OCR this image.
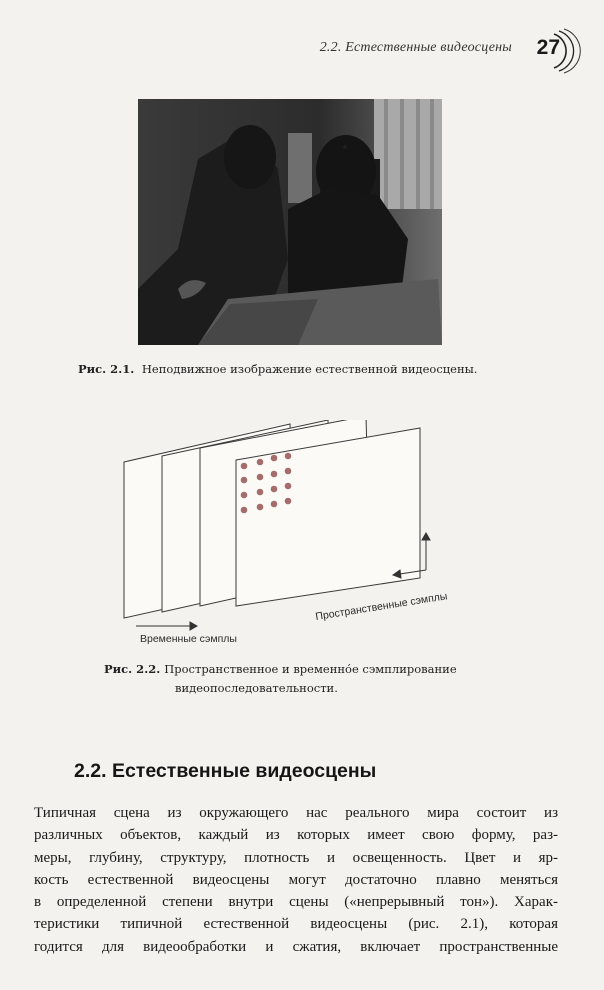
2.2. Естественные видеосцены 27
Рис. 2.1. Неподвижное изображение естественной видеосцены.
Временные сэмплы
Пространственные сэмплы
Рис. 2.2. Пространственное и временно́е сэмплирование
видеопоследовательности.
2.2. Естественные видеосцены
Типичная сцена из окружающего нас реального мира состоит из
различных объектов, каждый из которых имеет свою форму, раз-
меры, глубину, структуру, плотность и освещенность. Цвет и яр-
кость естественной видеосцены могут достаточно плавно меняться
в определенной степени внутри сцены («непрерывный тон»). Харак-
теристики типичной естественной видеосцены (рис. 2.1), которая
годится для видеообработки и сжатия, включает пространственные
